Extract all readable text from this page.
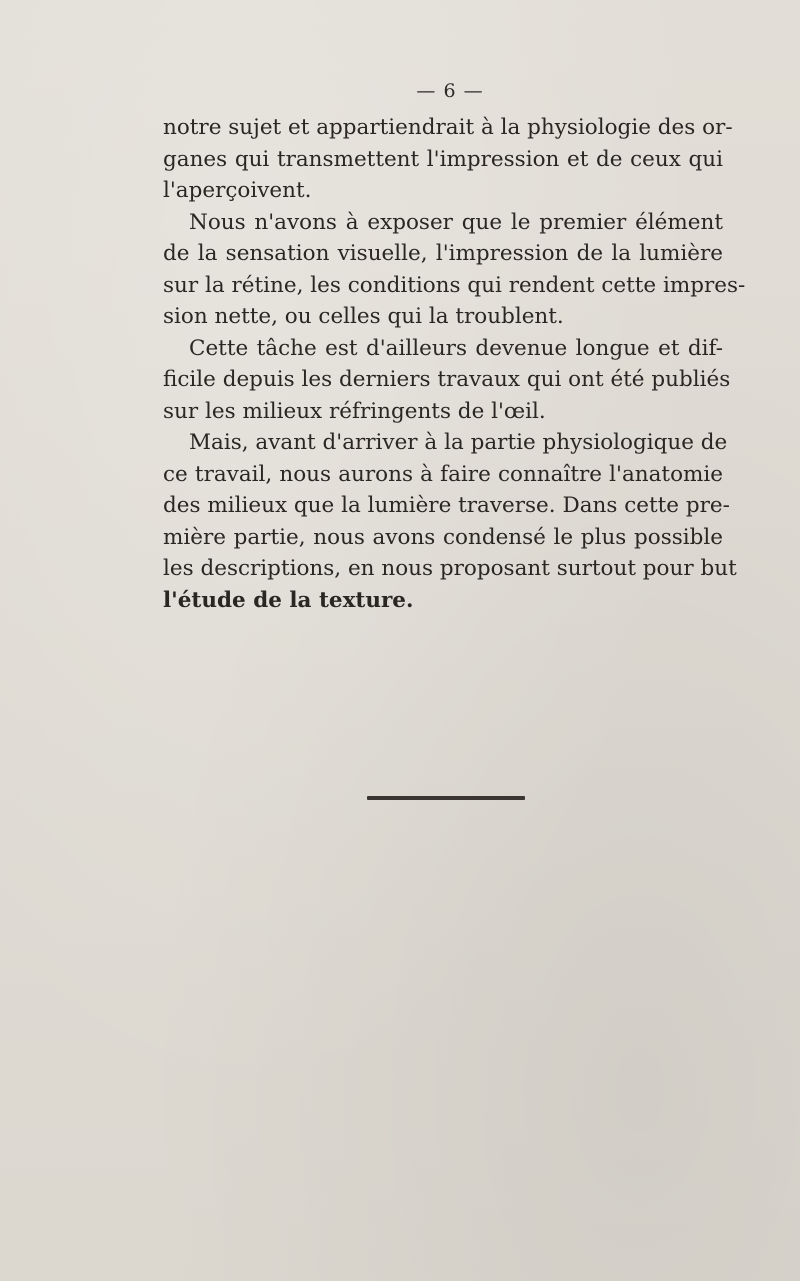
— 6 —
notre sujet et appartiendrait à la physiologie des or-
ganes qui transmettent l'impression et de ceux qui
l'aperçoivent.
Nous n'avons à exposer que le premier élément
de la sensation visuelle, l'impression de la lumière
sur la rétine, les conditions qui rendent cette impres-
sion nette, ou celles qui la troublent.
Cette tâche est d'ailleurs devenue longue et dif-
ficile depuis les derniers travaux qui ont été publiés
sur les milieux réfringents de l'œil.
Mais, avant d'arriver à la partie physiologique de
ce travail, nous aurons à faire connaître l'anatomie
des milieux que la lumière traverse. Dans cette pre-
mière partie, nous avons condensé le plus possible
les descriptions, en nous proposant surtout pour but
l'étude de la texture.
